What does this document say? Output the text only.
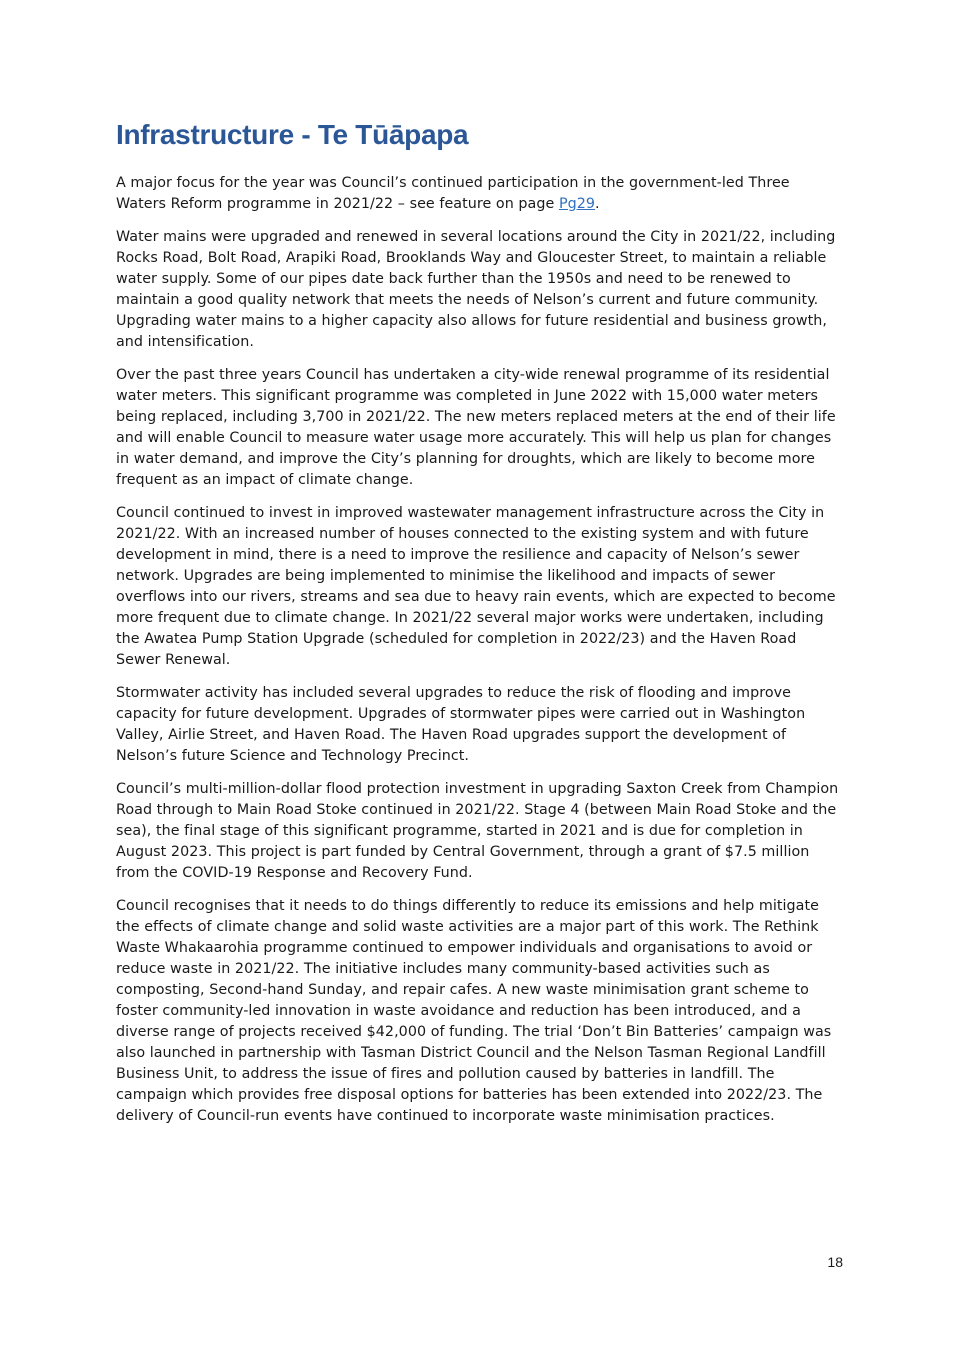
Infrastructure - Te Tūāpapa

A major focus for the year was Council’s continued participation in the government-led Three Waters Reform programme in 2021/22 – see feature on page Pg29.

Water mains were upgraded and renewed in several locations around the City in 2021/22, including Rocks Road, Bolt Road, Arapiki Road, Brooklands Way and Gloucester Street, to maintain a reliable water supply. Some of our pipes date back further than the 1950s and need to be renewed to maintain a good quality network that meets the needs of Nelson’s current and future community. Upgrading water mains to a higher capacity also allows for future residential and business growth, and intensification.

Over the past three years Council has undertaken a city-wide renewal programme of its residential water meters. This significant programme was completed in June 2022 with 15,000 water meters being replaced, including 3,700 in 2021/22. The new meters replaced meters at the end of their life and will enable Council to measure water usage more accurately. This will help us plan for changes in water demand, and improve the City’s planning for droughts, which are likely to become more frequent as an impact of climate change.

Council continued to invest in improved wastewater management infrastructure across the City in 2021/22. With an increased number of houses connected to the existing system and with future development in mind, there is a need to improve the resilience and capacity of Nelson’s sewer network. Upgrades are being implemented to minimise the likelihood and impacts of sewer overflows into our rivers, streams and sea due to heavy rain events, which are expected to become more frequent due to climate change. In 2021/22 several major works were undertaken, including the Awatea Pump Station Upgrade (scheduled for completion in 2022/23) and the Haven Road Sewer Renewal.

Stormwater activity has included several upgrades to reduce the risk of flooding and improve capacity for future development. Upgrades of stormwater pipes were carried out in Washington Valley, Airlie Street, and Haven Road. The Haven Road upgrades support the development of Nelson’s future Science and Technology Precinct.

Council’s multi-million-dollar flood protection investment in upgrading Saxton Creek from Champion Road through to Main Road Stoke continued in 2021/22. Stage 4 (between Main Road Stoke and the sea), the final stage of this significant programme, started in 2021 and is due for completion in August 2023. This project is part funded by Central Government, through a grant of $7.5 million from the COVID-19 Response and Recovery Fund.

Council recognises that it needs to do things differently to reduce its emissions and help mitigate the effects of climate change and solid waste activities are a major part of this work. The Rethink Waste Whakaarohia programme continued to empower individuals and organisations to avoid or reduce waste in 2021/22. The initiative includes many community-based activities such as composting, Second-hand Sunday, and repair cafes. A new waste minimisation grant scheme to foster community-led innovation in waste avoidance and reduction has been introduced, and a diverse range of projects received $42,000 of funding. The trial ‘Don’t Bin Batteries’ campaign was also launched in partnership with Tasman District Council and the Nelson Tasman Regional Landfill Business Unit, to address the issue of fires and pollution caused by batteries in landfill. The campaign which provides free disposal options for batteries has been extended into 2022/23. The delivery of Council-run events have continued to incorporate waste minimisation practices.

18
